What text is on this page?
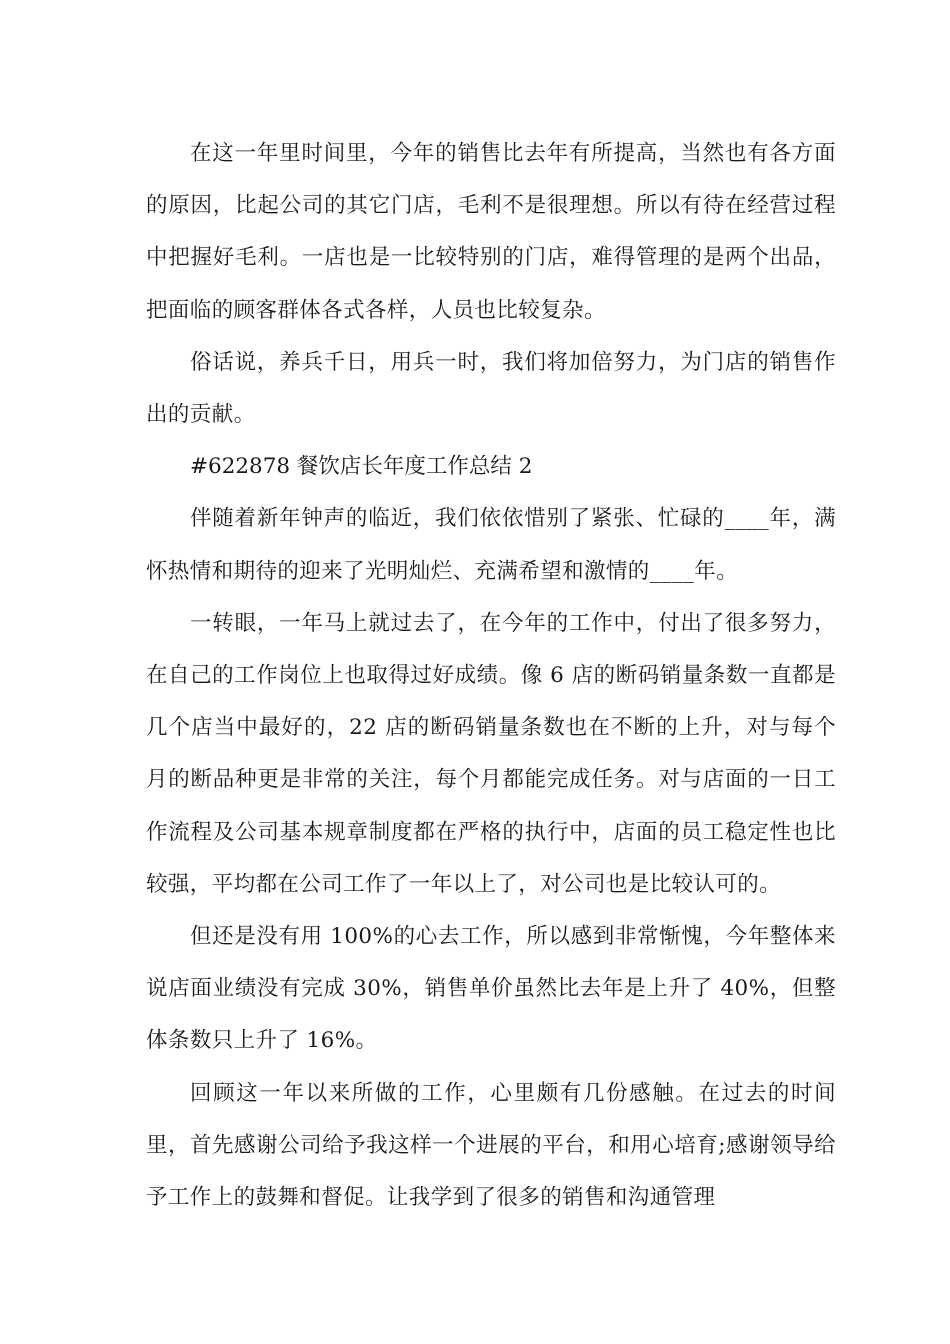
在这一年里时间里，今年的销售比去年有所提高，当然也有各方面的原因，比起公司的其它门店，毛利不是很理想。所以有待在经营过程中把握好毛利。一店也是一比较特别的门店，难得管理的是两个出品，把面临的顾客群体各式各样，人员也比较复杂。

俗话说，养兵千日，用兵一时，我们将加倍努力，为门店的销售作出的贡献。

#622878 餐饮店长年度工作总结 2

伴随着新年钟声的临近，我们依依惜别了紧张、忙碌的____年，满怀热情和期待的迎来了光明灿烂、充满希望和激情的____年。

一转眼，一年马上就过去了，在今年的工作中，付出了很多努力，在自己的工作岗位上也取得过好成绩。像 6 店的断码销量条数一直都是几个店当中最好的，22 店的断码销量条数也在不断的上升，对与每个月的断品种更是非常的关注，每个月都能完成任务。对与店面的一日工作流程及公司基本规章制度都在严格的执行中，店面的员工稳定性也比较强，平均都在公司工作了一年以上了，对公司也是比较认可的。

但还是没有用 100%的心去工作，所以感到非常惭愧，今年整体来说店面业绩没有完成 30%，销售单价虽然比去年是上升了 40%，但整体条数只上升了 16%。

回顾这一年以来所做的工作，心里颇有几份感触。在过去的时间里，首先感谢公司给予我这样一个进展的平台，和用心培育;感谢领导给予工作上的鼓舞和督促。让我学到了很多的销售和沟通管理
